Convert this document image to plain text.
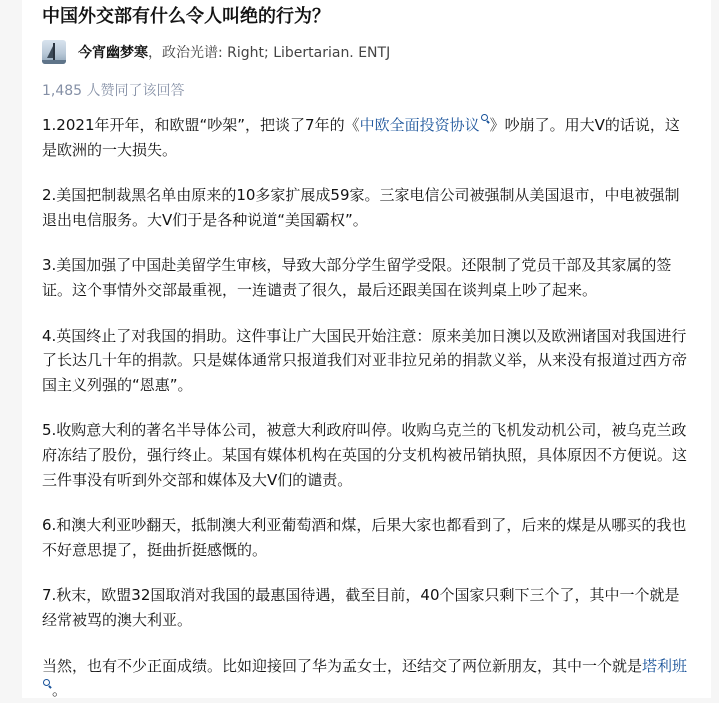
中国外交部有什么令人叫绝的行为？
今宵幽梦寒 ， 政治光谱: Right; Libertarian. ENTJ
1,485 人赞同了该回答

1.2021年开年，和欧盟“吵架”，把谈了7年的《中欧全面投资协议 》吵崩了。用大V的话说，这是欧洲的一大损失。

2.美国把制裁黑名单由原来的10多家扩展成59家。三家电信公司被强制从美国退市，中电被强制退出电信服务。大V们于是各种说道“美国霸权”。

3.美国加强了中国赴美留学生审核，导致大部分学生留学受限。还限制了党员干部及其家属的签证。这个事情外交部最重视，一连谴责了很久，最后还跟美国在谈判桌上吵了起来。

4.英国终止了对我国的捐助。这件事让广大国民开始注意：原来美加日澳以及欧洲诸国对我国进行了长达几十年的捐款。只是媒体通常只报道我们对亚非拉兄弟的捐款义举，从来没有报道过西方帝国主义列强的“恩惠”。

5.收购意大利的著名半导体公司，被意大利政府叫停。收购乌克兰的飞机发动机公司，被乌克兰政府冻结了股份，强行终止。某国有媒体机构在英国的分支机构被吊销执照，具体原因不方便说。这三件事没有听到外交部和媒体及大V们的谴责。

6.和澳大利亚吵翻天，抵制澳大利亚葡萄酒和煤，后果大家也都看到了，后来的煤是从哪买的我也不好意思提了，挺曲折挺感慨的。

7.秋末，欧盟32国取消对我国的最惠国待遇，截至目前，40个国家只剩下三个了，其中一个就是经常被骂的澳大利亚。

当然，也有不少正面成绩。比如迎接回了华为孟女士，还结交了两位新朋友，其中一个就是塔利班
。
